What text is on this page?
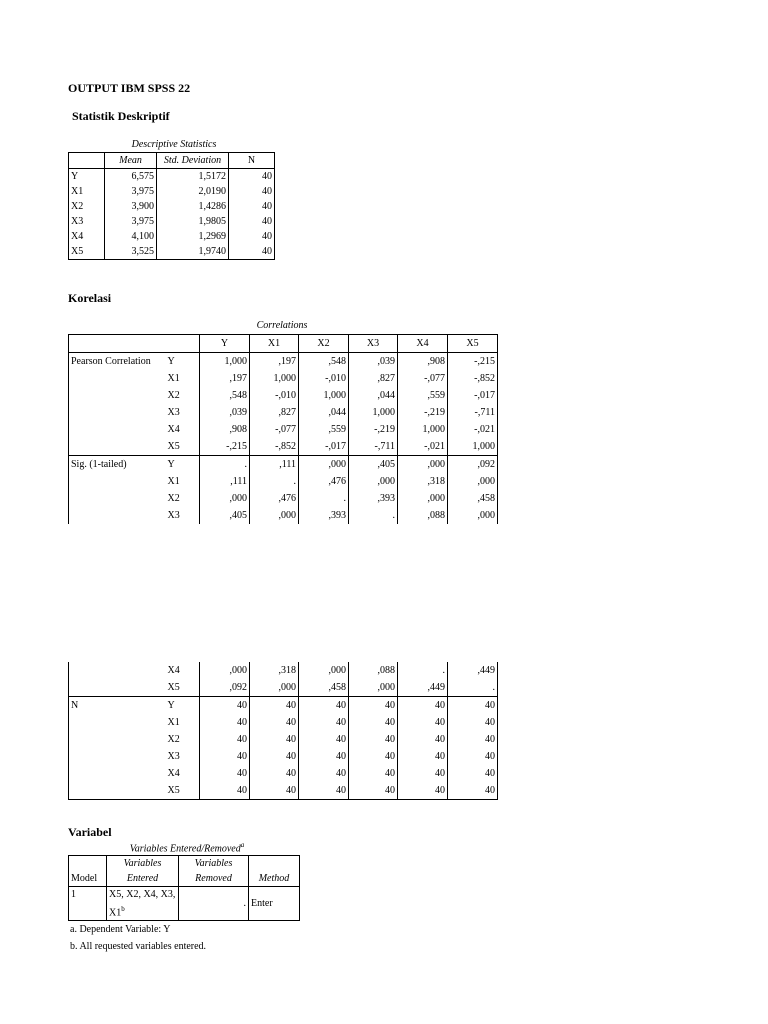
OUTPUT IBM SPSS 22
Statistik Deskriptif
Descriptive Statistics
	Mean	Std. Deviation	N
Y	6,575	1,5172	40
X1	3,975	2,0190	40
X2	3,900	1,4286	40
X3	3,975	1,9805	40
X4	4,100	1,2969	40
X5	3,525	1,9740	40
Korelasi
Correlations
		Y	X1	X2	X3	X4	X5
Pearson Correlation	Y	1,000	,197	,548	,039	,908	-,215
	X1	,197	1,000	-,010	,827	-,077	-,852
	X2	,548	-,010	1,000	,044	,559	-,017
	X3	,039	,827	,044	1,000	-,219	-,711
	X4	,908	-,077	,559	-,219	1,000	-,021
	X5	-,215	-,852	-,017	-,711	-,021	1,000
Sig. (1-tailed)	Y	.	,111	,000	,405	,000	,092
	X1	,111	.	,476	,000	,318	,000
	X2	,000	,476	.	,393	,000	,458
	X3	,405	,000	,393	.	,088	,000
	X4	,000	,318	,000	,088	.	,449
	X5	,092	,000	,458	,000	,449	.
N	Y	40	40	40	40	40	40
	X1	40	40	40	40	40	40
	X2	40	40	40	40	40	40
	X3	40	40	40	40	40	40
	X4	40	40	40	40	40	40
	X5	40	40	40	40	40	40
Variabel
Variables Entered/Removed$^a$
Model	Variables Entered	Variables Removed	Method
1	X5, X2, X4, X3, X1$^b$	.	Enter
a. Dependent Variable: Y
b. All requested variables entered.
